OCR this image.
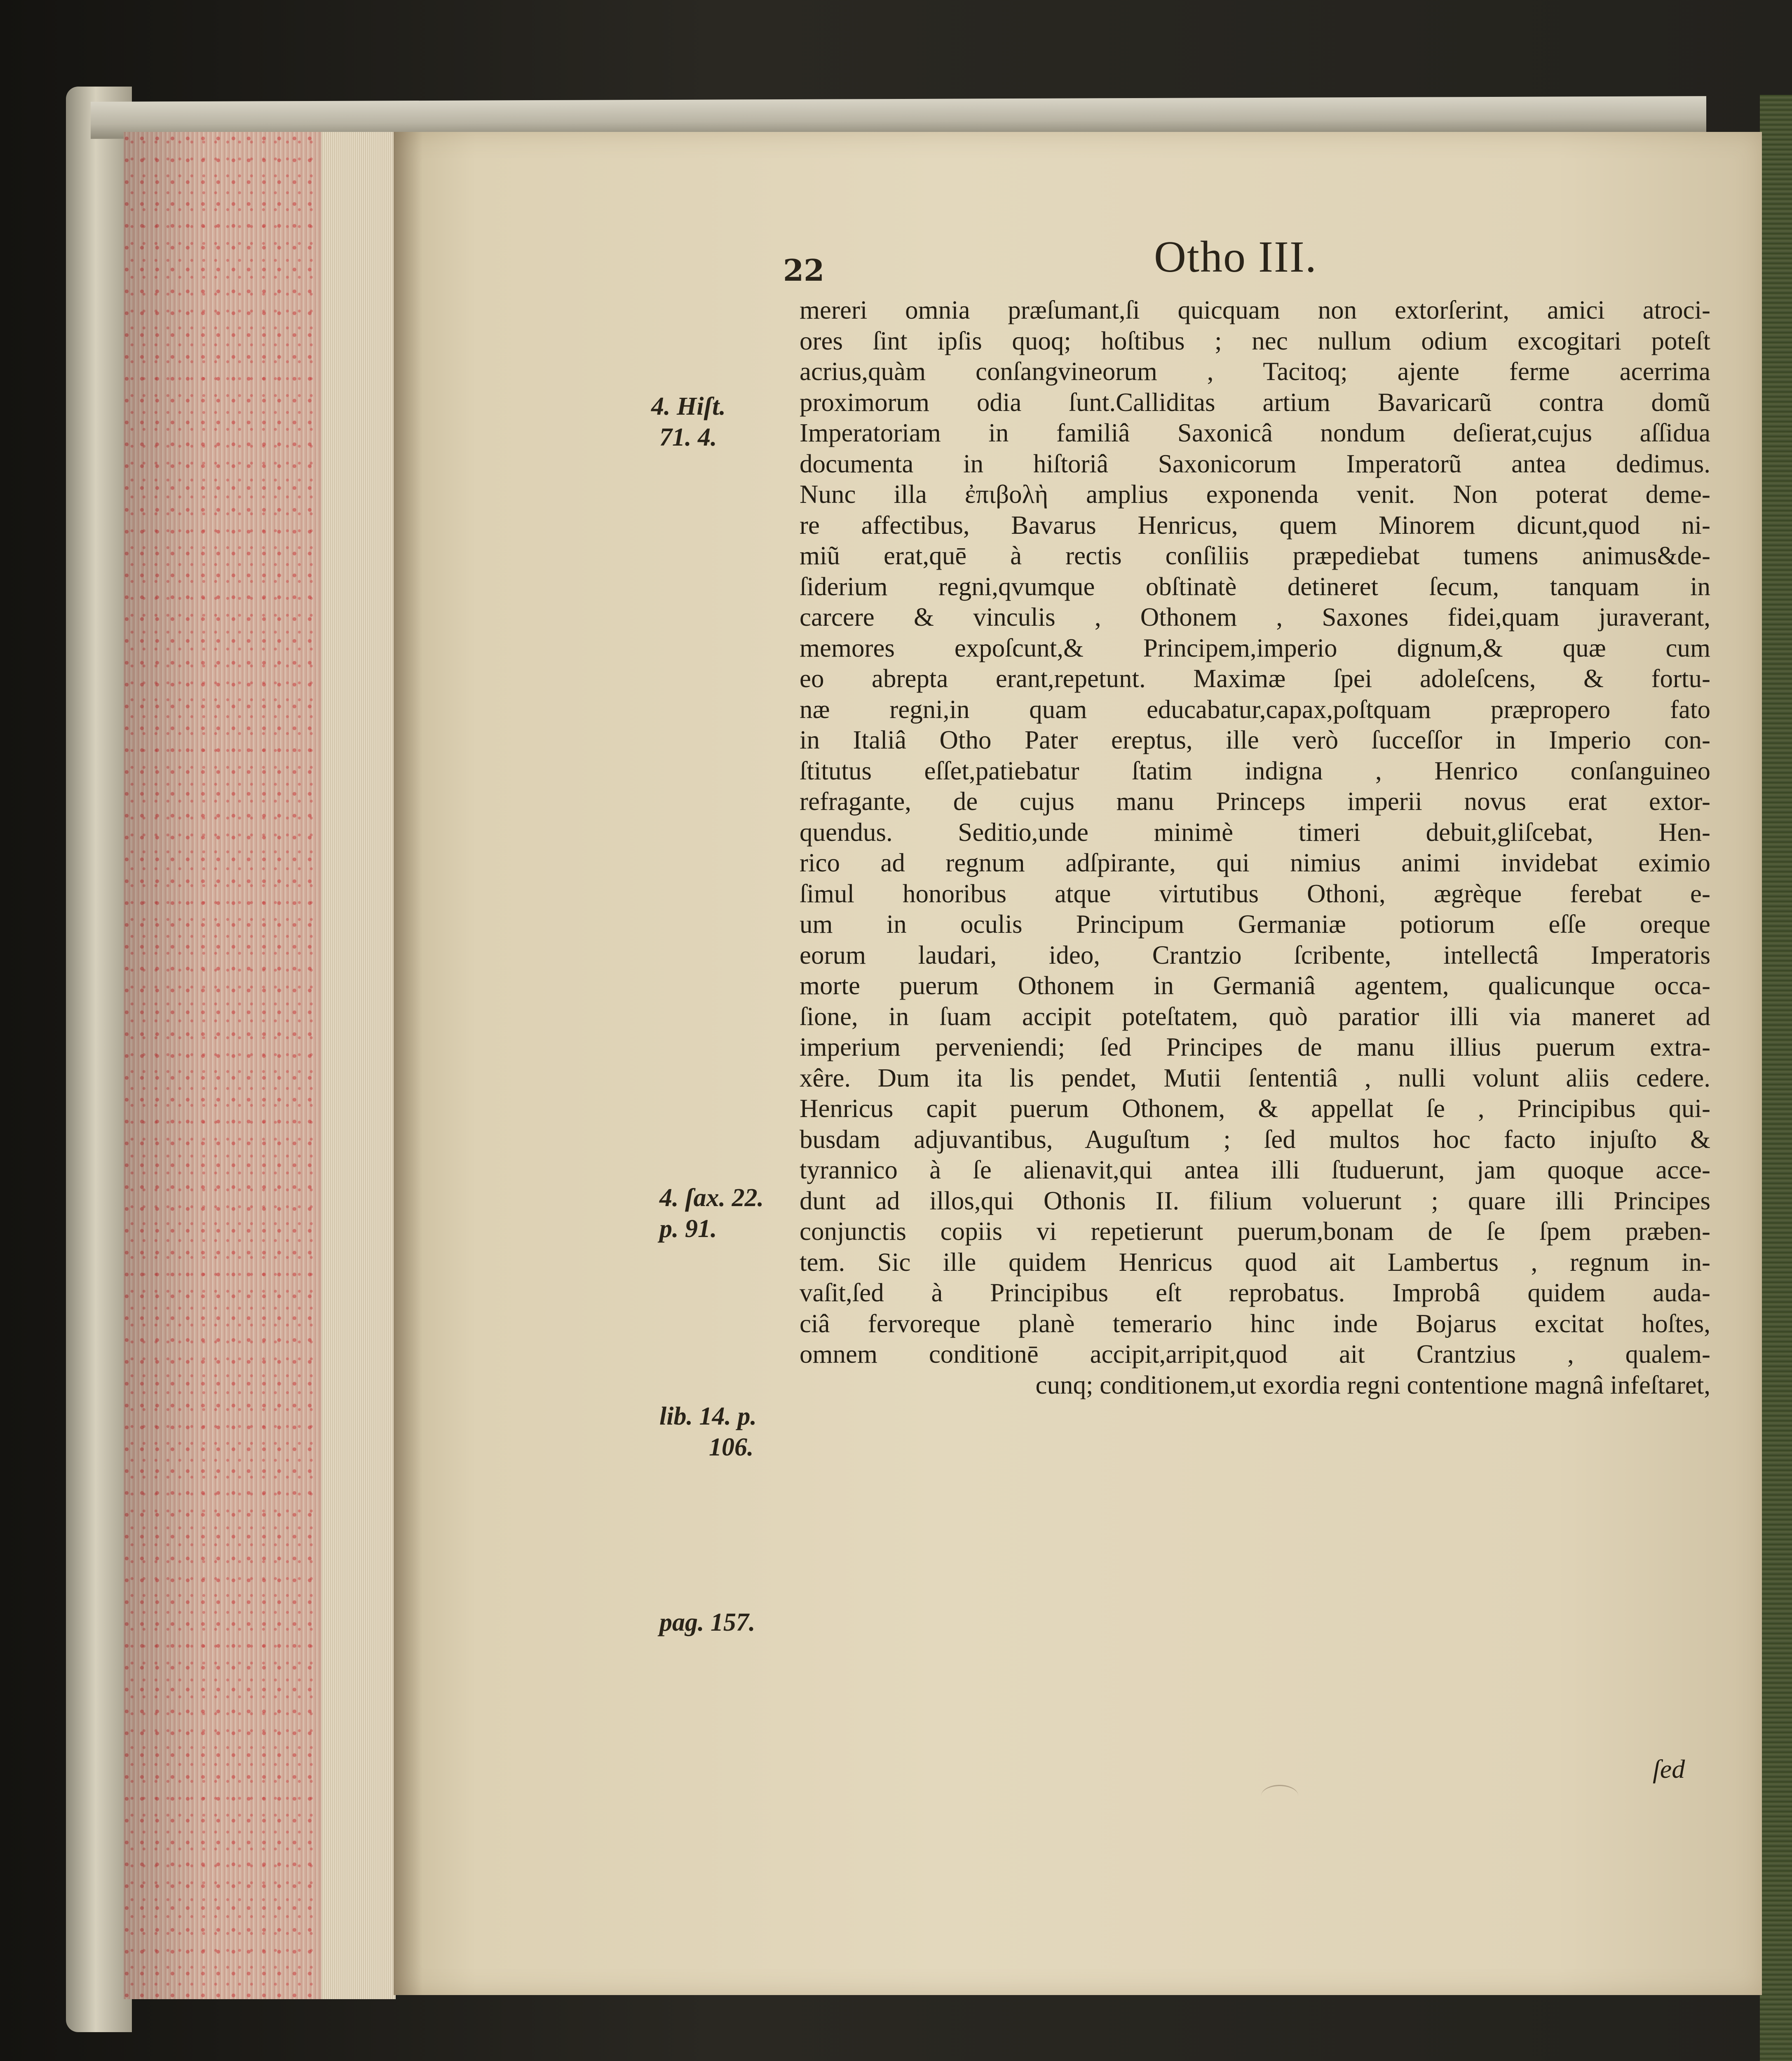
22	Otho III.
mereri omnia præſumant,ſi quicquam non extorſerint, amici atroci-
ores ſint ipſis quoq; hoſtibus ; nec nullum odium excogitari poteſt
acrius,quàm conſangvineorum , Tacitoq; ajente ferme acerrima
proximorum odia ſunt.Calliditas artium Bavaricarũ contra domũ
Imperatoriam in familiâ Saxonicâ nondum deſierat,cujus aſſidua
documenta in hiſtoriâ Saxonicorum Imperatorũ antea dedimus.
Nunc illa ἐπιβολὴ amplius exponenda venit. Non poterat deme-
re affectibus, Bavarus Henricus, quem Minorem dicunt,quod ni-
miũ erat,quē à rectis conſiliis præpediebat tumens animus&de-
ſiderium regni,qvumque obſtinatè detineret ſecum, tanquam in
carcere & vinculis , Othonem , Saxones fidei,quam juraverant,
memores expoſcunt,& Principem,imperio dignum,& quæ cum
eo abrepta erant,repetunt. Maximæ ſpei adoleſcens, & fortu-
næ regni,in quam educabatur,capax,poſtquam præpropero fato
in Italiâ Otho Pater ereptus, ille verò ſucceſſor in Imperio con-
ſtitutus eſſet,patiebatur ſtatim indigna , Henrico conſanguineo
refragante, de cujus manu Princeps imperii novus erat extor-
quendus. Seditio,unde minimè timeri debuit,gliſcebat, Hen-
rico ad regnum adſpirante, qui nimius animi invidebat eximio
ſimul honoribus atque virtutibus Othoni, ægrèque ferebat e-
um in oculis Principum Germaniæ potiorum eſſe oreque
eorum laudari, ideo, Crantzio ſcribente, intellectâ Imperatoris
morte puerum Othonem in Germaniâ agentem, qualicunque occa-
ſione, in ſuam accipit poteſtatem, quò paratior illi via maneret ad
imperium perveniendi; ſed Principes de manu illius puerum extra-
xêre. Dum ita lis pendet, Mutii ſententiâ , nulli volunt aliis cedere.
Henricus capit puerum Othonem, & appellat ſe , Principibus qui-
busdam adjuvantibus, Auguſtum ; ſed multos hoc facto injuſto &
tyrannico à ſe alienavit,qui antea illi ſtuduerunt, jam quoque acce-
dunt ad illos,qui Othonis II. filium voluerunt ; quare illi Principes
conjunctis copiis vi repetierunt puerum,bonam de ſe ſpem præben-
tem. Sic ille quidem Henricus quod ait Lambertus , regnum in-
vaſit,ſed à Principibus eſt reprobatus. Improbâ quidem auda-
ciâ fervoreque planè temerario hinc inde Bojarus excitat hoſtes,
omnem conditionē accipit,arripit,quod ait Crantzius , qualem-
cunq; conditionem,ut exordia regni contentione magnâ infeſtaret,
4. Hiſt.
71. 4.
4. ſax. 22.
p. 91.
lib. 14. p.
106.
pag. 157.
ſed
